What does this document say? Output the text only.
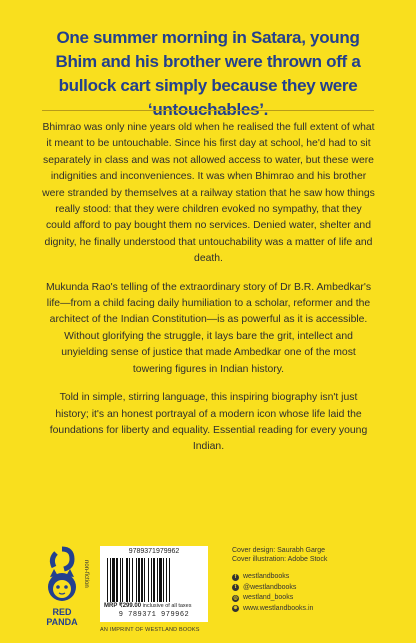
One summer morning in Satara, young Bhim and his brother were thrown off a bullock cart simply because they were ‘untouchables’.

Bhimrao was only nine years old when he realised the full extent of what it meant to be untouchable. Since his first day at school, he'd had to sit separately in class and was not allowed access to water, but these were indignities and inconveniences. It was when Bhimrao and his brother were stranded by themselves at a railway station that he saw how things really stood: that they were children evoked no sympathy, that they could afford to pay bought them no services. Denied water, shelter and dignity, he finally understood that untouchability was a matter of life and death.

Mukunda Rao's telling of the extraordinary story of Dr B.R. Ambedkar's life—from a child facing daily humiliation to a scholar, reformer and the architect of the Indian Constitution—is as powerful as it is accessible. Without glorifying the struggle, it lays bare the grit, intellect and unyielding sense of justice that made Ambedkar one of the most towering figures in Indian history.

Told in simple, stirring language, this inspiring biography isn't just history; it's an honest portrayal of a modern icon whose life laid the foundations for liberty and equality. Essential reading for every young Indian.

RED
PANDA
non-fiction
9789371979962
MRP ₹299.00 inclusive of all taxes
9 789371 979962
AN IMPRINT OF WESTLAND BOOKS
Cover design: Saurabh Garge
Cover illustration: Adobe Stock
f westlandbooks
t @westlandbooks
◎ westland_books
⊕ www.westlandbooks.in
